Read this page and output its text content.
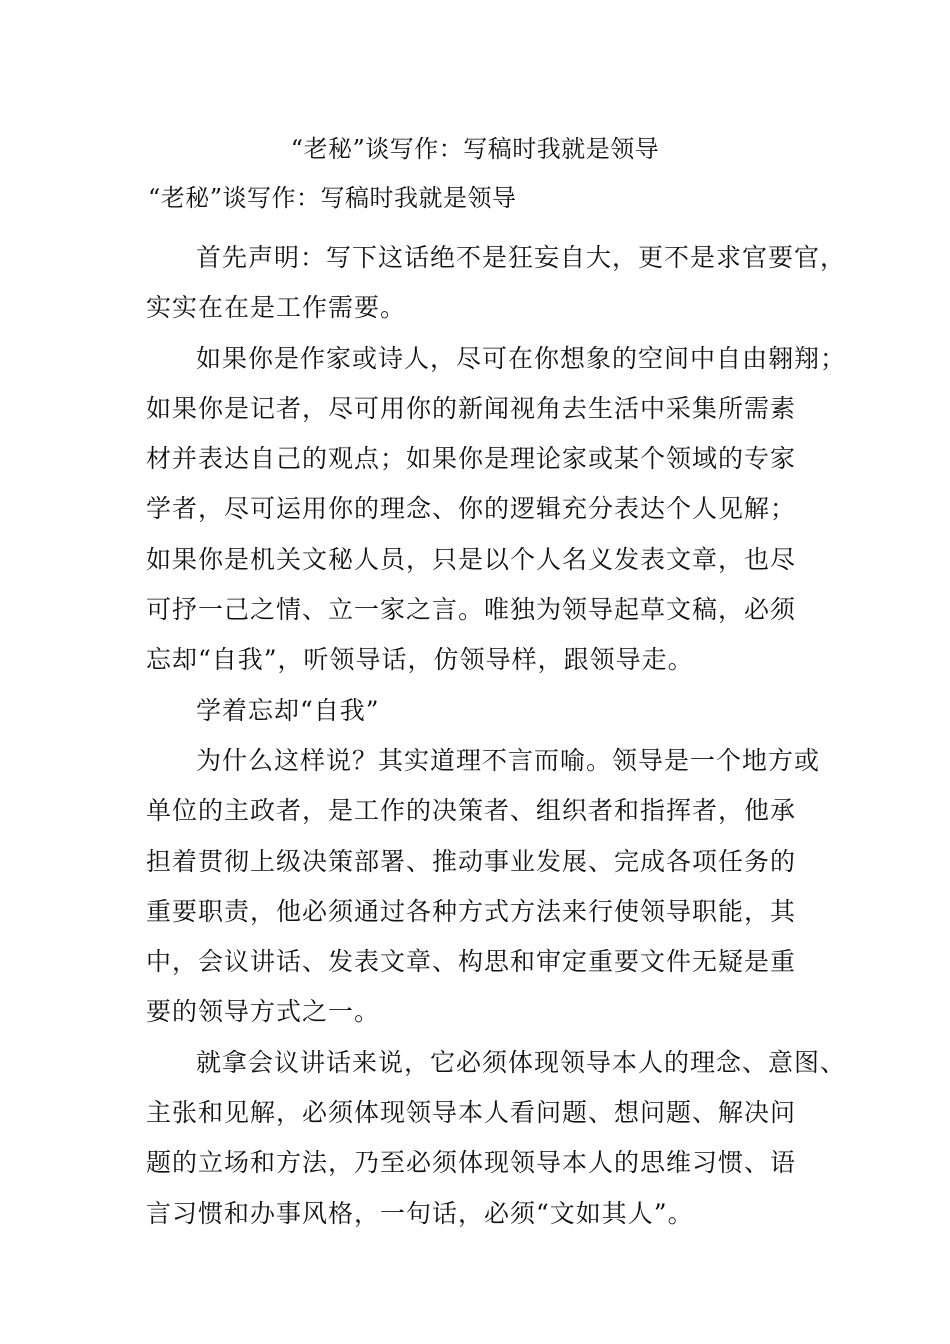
“老秘”谈写作：写稿时我就是领导
“老秘”谈写作：写稿时我就是领导

首先声明：写下这话绝不是狂妄自大，更不是求官要官，
实实在在是工作需要。

如果你是作家或诗人，尽可在你想象的空间中自由翱翔；
如果你是记者，尽可用你的新闻视角去生活中采集所需素
材并表达自己的观点；如果你是理论家或某个领域的专家
学者，尽可运用你的理念、你的逻辑充分表达个人见解；
如果你是机关文秘人员，只是以个人名义发表文章，也尽
可抒一己之情、立一家之言。唯独为领导起草文稿，必须
忘却“自我”，听领导话，仿领导样，跟领导走。

学着忘却“自我”

为什么这样说？其实道理不言而喻。领导是一个地方或
单位的主政者，是工作的决策者、组织者和指挥者，他承
担着贯彻上级决策部署、推动事业发展、完成各项任务的
重要职责，他必须通过各种方式方法来行使领导职能，其
中，会议讲话、发表文章、构思和审定重要文件无疑是重
要的领导方式之一。

就拿会议讲话来说，它必须体现领导本人的理念、意图、
主张和见解，必须体现领导本人看问题、想问题、解决问
题的立场和方法，乃至必须体现领导本人的思维习惯、语
言习惯和办事风格，一句话，必须“文如其人”。
